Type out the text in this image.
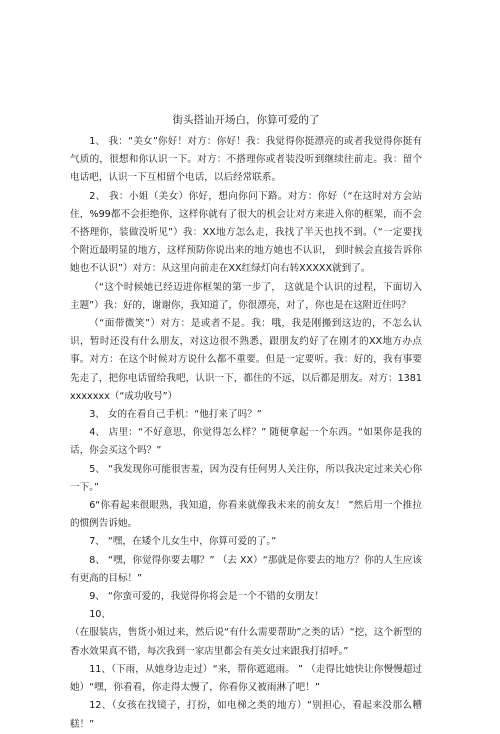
街头搭讪开场白，你算可爱的了

1、 我：“美女”你好！对方：你好！我：我觉得你挺漂亮的或者我觉得你挺有气质的，很想和你认识一下。对方：不搭理你或者装没听到继续往前走。我：留个电话吧，认识一下互相留个电话，以后经常联系。

2、 我：小姐（美女）你好，想向你问下路。对方：你好（“在这时对方会站住，%99都不会拒绝你，这样你就有了很大的机会让对方来进入你的框架，而不会不搭理你，装做没听见”）我：XX地方怎么走，我找了半天也找不到。（“一定要找个附近最明显的地方，这样预防你说出来的地方她也不认识， 到时候会直接告诉你她也不认识”）对方：从这里向前走在XX红绿灯向右转XXXXX就到了。

（“这个时候她已经迈进你框架的第一步了， 这就是个认识的过程，下面切入主题”）我：好的，谢谢你，我知道了，你很漂亮，对了，你也是在这附近住吗？

（“面带微笑”）对方：是或者不是。我：哦，我是刚搬到这边的，不怎么认识，暂时还没有什么朋友，对这边很不熟悉，跟朋友约好了在刚才的XX地方办点事。对方：在这个时候对方说什么都不重要。但是一定要听。我：好的，我有事要先走了，把你电话留给我吧，认识一下，都住的不远，以后都是朋友。对方：1381xxxxxxx（“成功收号”）

3、 女的在看自己手机：“他打来了吗？”

4、 店里：“不好意思，你觉得怎么样？” 随便拿起一个东西。“如果你是我的话，你会买这个吗？”

5、 “我发现你可能很害羞，因为没有任何男人关注你，所以我决定过来关心你一下。”

6“你看起来很眼熟，我知道，你看来就像我未来的前女友！ ”然后用一个推拉的惯例告诉她。

7、 “嘿，在矮个儿女生中，你算可爱的了。”

8、 “嘿，你觉得你要去哪？” （去 XX）“那就是你要去的地方？你的人生应该有更高的目标！”

9、 “你蛮可爱的，我觉得你将会是一个不错的女朋友！

10、

（在服装店，售货小姐过来，然后说“有什么需要帮助”之类的话）“挖，这个新型的香水效果真不错，每次我到一家店里都会有美女过来跟我打招呼。”

11、（下雨，从她身边走过）“来，帮你遮遮雨。 ” （走得比她快让你慢慢超过她）“嘿，你看看，你走得太慢了，你看你又被雨淋了吧！”

12、（女孩在找镜子，打扮，如电梯之类的地方）“别担心，看起来没那么糟糕！”
